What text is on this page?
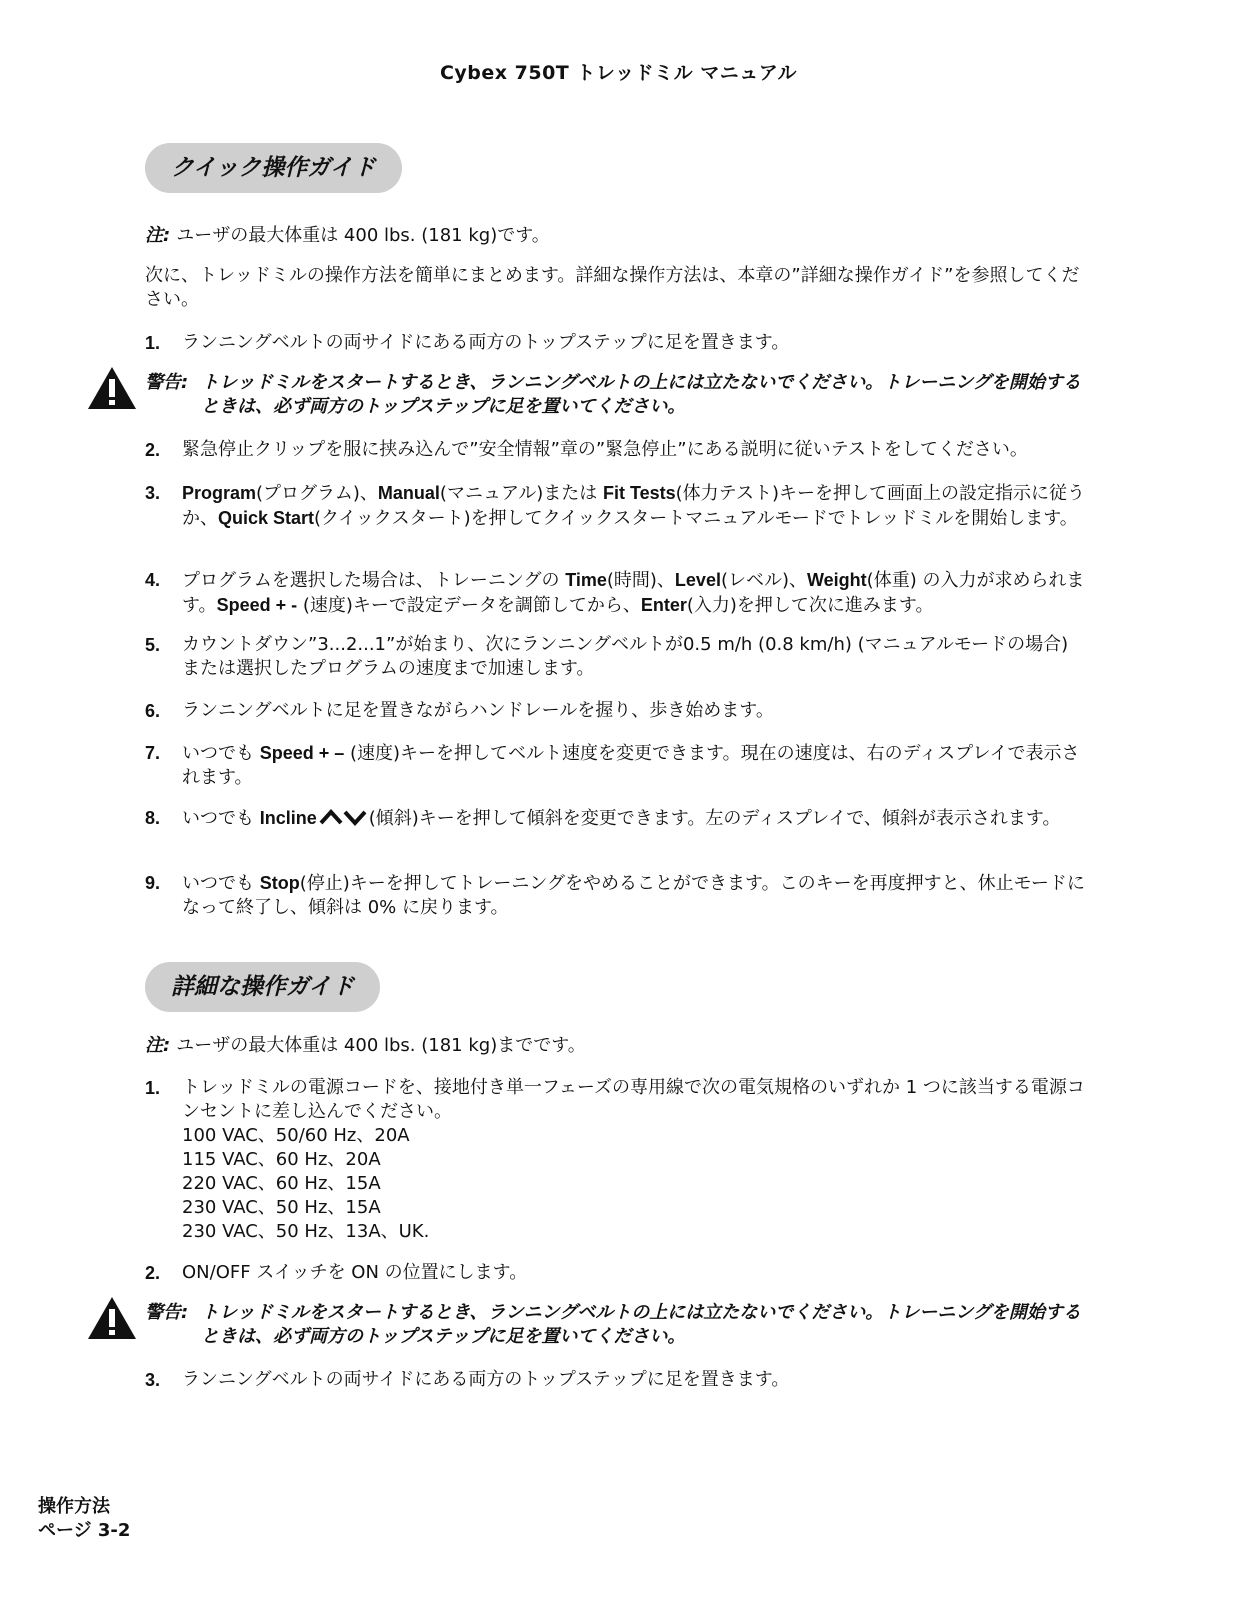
Cybex 750T トレッドミル マニュアル
クイック操作ガイド
注: ユーザの最大体重は 400 lbs. (181 kg)です。
次に、トレッドミルの操作方法を簡単にまとめます。詳細な操作方法は、本章の”詳細な操作ガイド”を参照してください。
1.	ランニングベルトの両サイドにある両方のトップステップに足を置きます。
警告: トレッドミルをスタートするとき、ランニングベルトの上には立たないでください。トレーニングを開始する
ときは、必ず両方のトップステップに足を置いてください。
2.	緊急停止クリップを服に挟み込んで”安全情報”章の”緊急停止”にある説明に従いテストをしてください。
3.	Program(プログラム)、Manual(マニュアル)または Fit Tests(体力テスト)キーを押して画面上の設定指示に従うか、Quick Start(クイックスタート)を押してクイックスタートマニュアルモードでトレッドミルを開始します。
4.	プログラムを選択した場合は、トレーニングの Time(時間)、Level(レベル)、Weight(体重) の入力が求められます。Speed + - (速度)キーで設定データを調節してから、Enter(入力)を押して次に進みます。
5.	カウントダウン”3...2...1”が始まり、次にランニングベルトが0.5 m/h (0.8 km/h) (マニュアルモードの場合)または選択したプログラムの速度まで加速します。
6.	ランニングベルトに足を置きながらハンドレールを握り、歩き始めます。
7.	いつでも Speed + – (速度)キーを押してベルト速度を変更できます。現在の速度は、右のディスプレイで表示されます。
8.	いつでも Incline	(傾斜)キーを押して傾斜を変更できます。左のディスプレイで、傾斜が表示されます。
9.	いつでも Stop(停止)キーを押してトレーニングをやめることができます。このキーを再度押すと、休止モードになって終了し、傾斜は 0% に戻ります。
詳細な操作ガイド
注: ユーザの最大体重は 400 lbs. (181 kg)までです。
1.	トレッドミルの電源コードを、接地付き単一フェーズの専用線で次の電気規格のいずれか 1 つに該当する電源コンセントに差し込んでください。
100 VAC、50/60 Hz、20A
115 VAC、60 Hz、20A
220 VAC、60 Hz、15A
230 VAC、50 Hz、15A
230 VAC、50 Hz、13A、UK.
2.	ON/OFF スイッチを ON の位置にします。
警告: トレッドミルをスタートするとき、ランニングベルトの上には立たないでください。トレーニングを開始する
ときは、必ず両方のトップステップに足を置いてください。
3.	ランニングベルトの両サイドにある両方のトップステップに足を置きます。
操作方法
ページ 3-2
